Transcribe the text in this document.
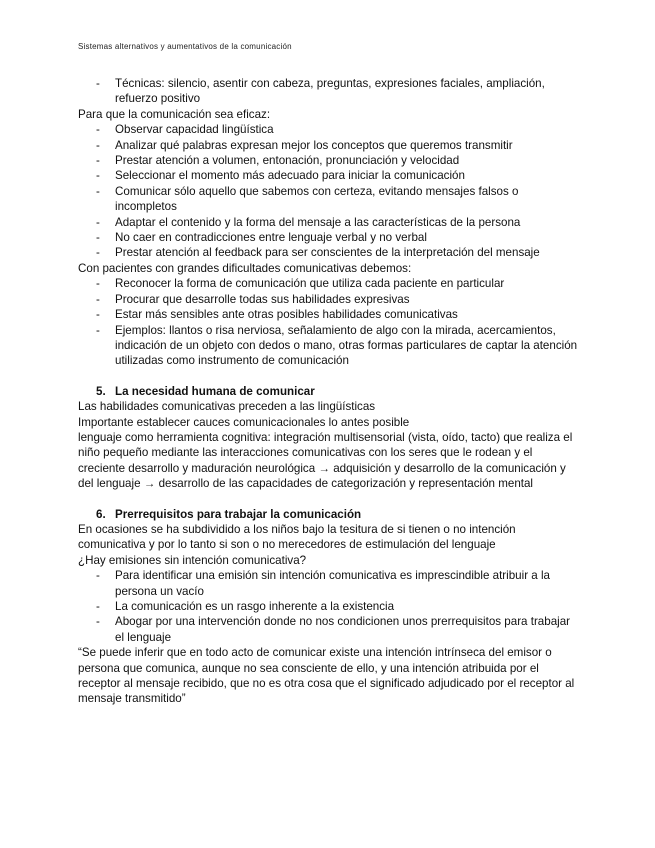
Sistemas alternativos y aumentativos de la comunicación
- Técnicas: silencio, asentir con cabeza, preguntas, expresiones faciales, ampliación, refuerzo positivo

Para que la comunicación sea eficaz:

- Observar capacidad lingüística
- Analizar qué palabras expresan mejor los conceptos que queremos transmitir
- Prestar atención a volumen, entonación, pronunciación y velocidad
- Seleccionar el momento más adecuado para iniciar la comunicación
- Comunicar sólo aquello que sabemos con certeza, evitando mensajes falsos o incompletos
- Adaptar el contenido y la forma del mensaje a las características de la persona
- No caer en contradicciones entre lenguaje verbal y no verbal
- Prestar atención al feedback para ser conscientes de la interpretación del mensaje

Con pacientes con grandes dificultades comunicativas debemos:

- Reconocer la forma de comunicación que utiliza cada paciente en particular
- Procurar que desarrolle todas sus habilidades expresivas
- Estar más sensibles ante otras posibles habilidades comunicativas
- Ejemplos: llantos o risa nerviosa, señalamiento de algo con la mirada, acercamientos, indicación de un objeto con dedos o mano, otras formas particulares de captar la atención utilizadas como instrumento de comunicación
5. La necesidad humana de comunicar

Las habilidades comunicativas preceden a las lingüísticas

Importante establecer cauces comunicacionales lo antes posible

lenguaje como herramienta cognitiva: integración multisensorial (vista, oído, tacto) que realiza el niño pequeño mediante las interacciones comunicativas con los seres que le rodean y el creciente desarrollo y maduración neurológica → adquisición y desarrollo de la comunicación y del lenguaje → desarrollo de las capacidades de categorización y representación mental

6. Prerrequisitos para trabajar la comunicación

En ocasiones se ha subdividido a los niños bajo la tesitura de si tienen o no intención comunicativa y por lo tanto si son o no merecedores de estimulación del lenguaje

¿Hay emisiones sin intención comunicativa?

- Para identificar una emisión sin intención comunicativa es imprescindible atribuir a la persona un vacío
- La comunicación es un rasgo inherente a la existencia
- Abogar por una intervención donde no nos condicionen unos prerrequisitos para trabajar el lenguaje

“Se puede inferir que en todo acto de comunicar existe una intención intrínseca del emisor o persona que comunica, aunque no sea consciente de ello, y una intención atribuida por el receptor al mensaje recibido, que no es otra cosa que el significado adjudicado por el receptor al mensaje transmitido”
